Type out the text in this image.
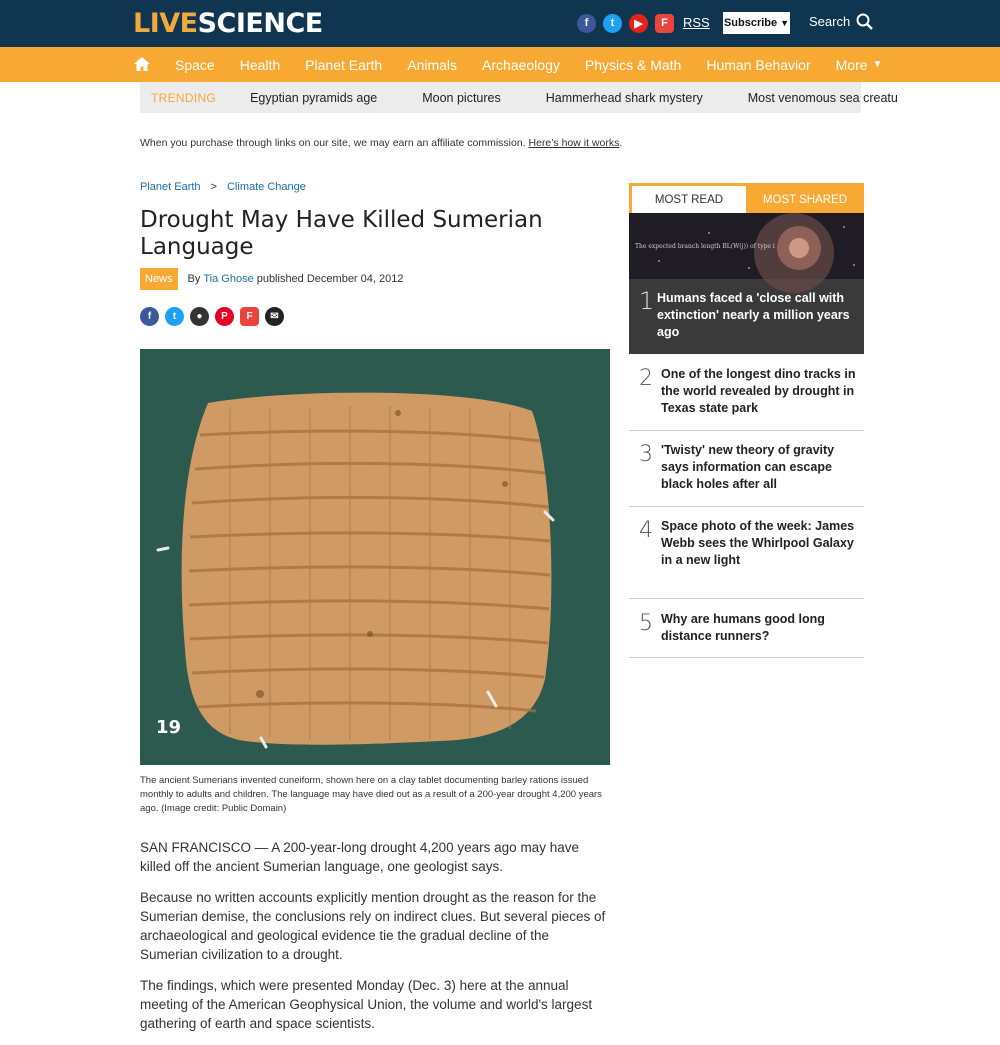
LIVESCIENCE	f	t	▶	F	RSS Subscribe ▼ Search
Space Health Planet Earth Animals Archaeology Physics & Math Human Behavior More ▼
TRENDING	Egyptian pyramids age	Moon pictures	Hammerhead shark mystery	Most venomous sea creatu
When you purchase through links on our site, we may earn an affiliate commission. Here’s how it works.
Planet Earth > Climate Change
Drought May Have Killed Sumerian Language
News	By Tia Ghose published December 04, 2012
f	t	●	P	F	✉
19

The ancient Sumerians invented cuneiform, shown here on a clay tablet documenting barley rations issued monthly to adults and children. The language may have died out as a result of a 200-year drought 4,200 years ago. (Image credit: Public Domain)

SAN FRANCISCO — A 200-year-long drought 4,200 years ago may have killed off the ancient Sumerian language, one geologist says.

Because no written accounts explicitly mention drought as the reason for the Sumerian demise, the conclusions rely on indirect clues. But several pieces of archaeological and geological evidence tie the gradual decline of the Sumerian civilization to a drought.

The findings, which were presented Monday (Dec. 3) here at the annual meeting of the American Geophysical Union, the volume and world's largest gathering of earth and space scientists.

MOST READ	MOST SHARED
The expected branch length BL(W(j)) of type i
1 Humans faced a 'close call with extinction' nearly a million years ago
2 One of the longest dino tracks in the world revealed by drought in Texas state park
3 'Twisty' new theory of gravity says information can escape black holes after all
4 Space photo of the week: James Webb sees the Whirlpool Galaxy in a new light
5 Why are humans good long distance runners?
